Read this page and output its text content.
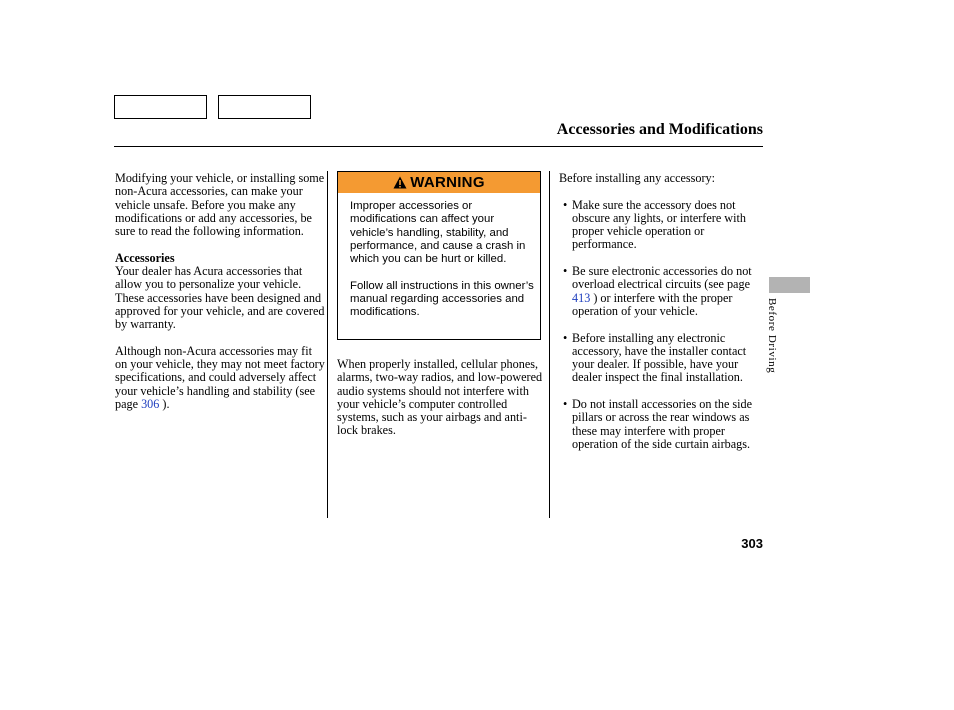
Accessories and Modifications

Modifying your vehicle, or installing some non-Acura accessories, can make your vehicle unsafe. Before you make any modifications or add any accessories, be sure to read the following information.

Accessories

Your dealer has Acura accessories that allow you to personalize your vehicle. These accessories have been designed and approved for your vehicle, and are covered by warranty.

Although non-Acura accessories may fit on your vehicle, they may not meet factory specifications, and could adversely affect your vehicle’s handling and stability (see page 306 ).

WARNING

Improper accessories or modifications can affect your vehicle’s handling, stability, and performance, and cause a crash in which you can be hurt or killed.

Follow all instructions in this owner’s manual regarding accessories and modifications.

When properly installed, cellular phones, alarms, two-way radios, and low-powered audio systems should not interfere with your vehicle’s computer controlled systems, such as your airbags and anti-lock brakes.

Before installing any accessory:

• Make sure the accessory does not obscure any lights, or interfere with proper vehicle operation or performance.
• Be sure electronic accessories do not overload electrical circuits (see page 413 ) or interfere with the proper operation of your vehicle.
• Before installing any electronic accessory, have the installer contact your dealer. If possible, have your dealer inspect the final installation.
• Do not install accessories on the side pillars or across the rear windows as these may interfere with proper operation of the side curtain airbags.
Before Driving
303
